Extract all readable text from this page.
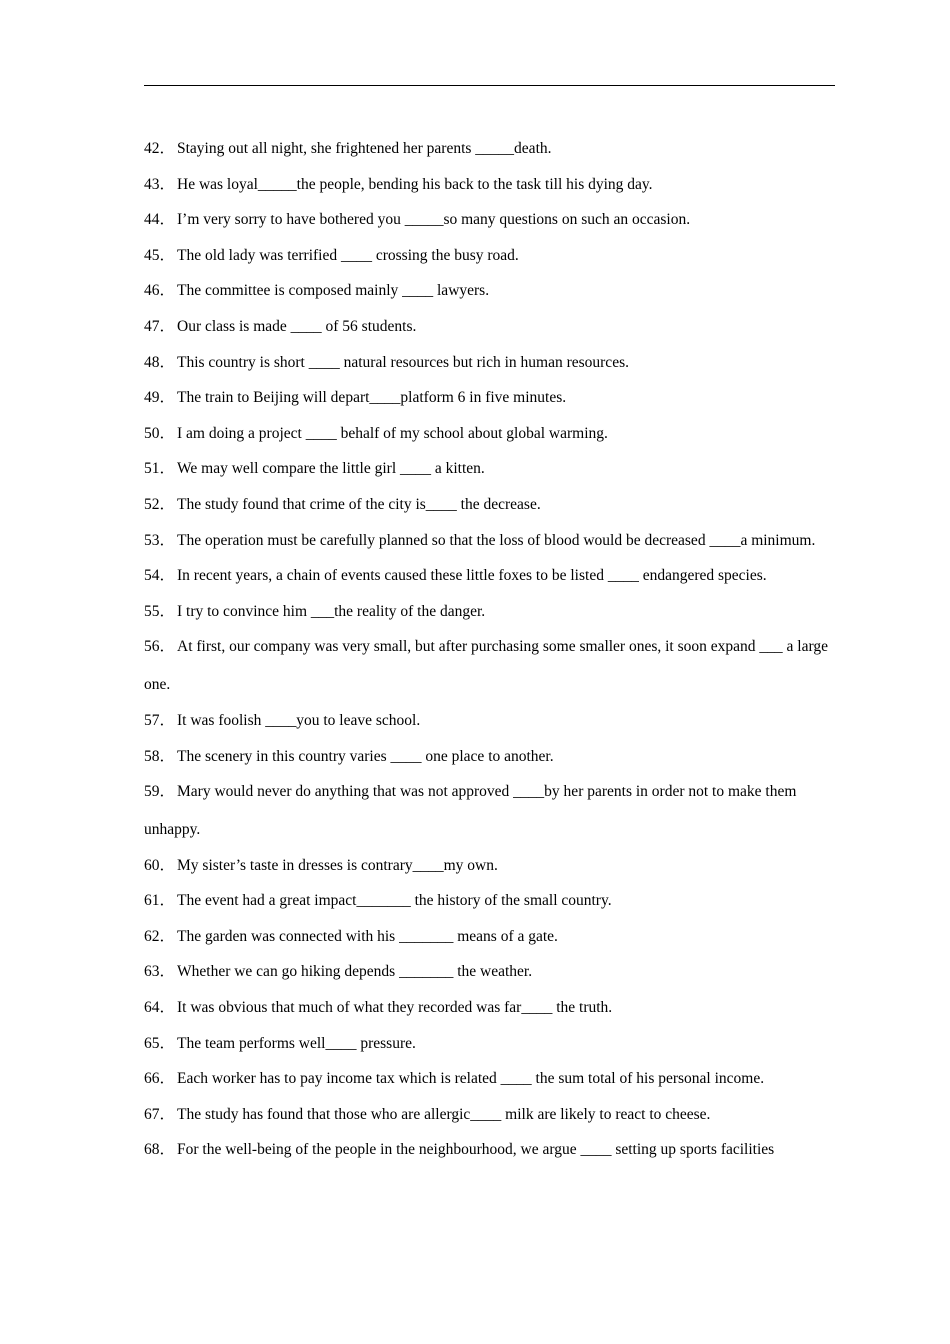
42． Staying out all night, she frightened her parents _____death.
43． He was loyal_____the people, bending his back to the task till his dying day.
44． I’m very sorry to have bothered you _____so many questions on such an occasion.
45． The old lady was terrified ____ crossing the busy road.
46． The committee is composed mainly ____ lawyers.
47． Our class is made ____ of 56 students.
48． This country is short ____ natural resources but rich in human resources.
49． The train to Beijing will depart____platform 6 in five minutes.
50． I am doing a project ____ behalf of my school about global warming.
51． We may well compare the little girl ____ a kitten.
52． The study found that crime of the city is____ the decrease.
53． The operation must be carefully planned so that the loss of blood would be decreased ____a minimum.
54． In recent years, a chain of events caused these little foxes to be listed ____ endangered species.
55． I try to convince him ___the reality of the danger.
56． At first, our company was very small, but after purchasing some smaller ones, it soon expand ___ a large one.
57． It was foolish ____you to leave school.
58． The scenery in this country varies ____ one place to another.
59． Mary would never do anything that was not approved ____by her parents in order not to make them unhappy.
60． My sister’s taste in dresses is contrary____my own.
61． The event had a great impact_______ the history of the small country.
62． The garden was connected with his _______ means of a gate.
63． Whether we can go hiking depends _______ the weather.
64． It was obvious that much of what they recorded was far____ the truth.
65． The team performs well____ pressure.
66． Each worker has to pay income tax which is related ____ the sum total of his personal income.
67． The study has found that those who are allergic____ milk are likely to react to cheese.
68． For the well-being of the people in the neighbourhood, we argue ____ setting up sports facilities
